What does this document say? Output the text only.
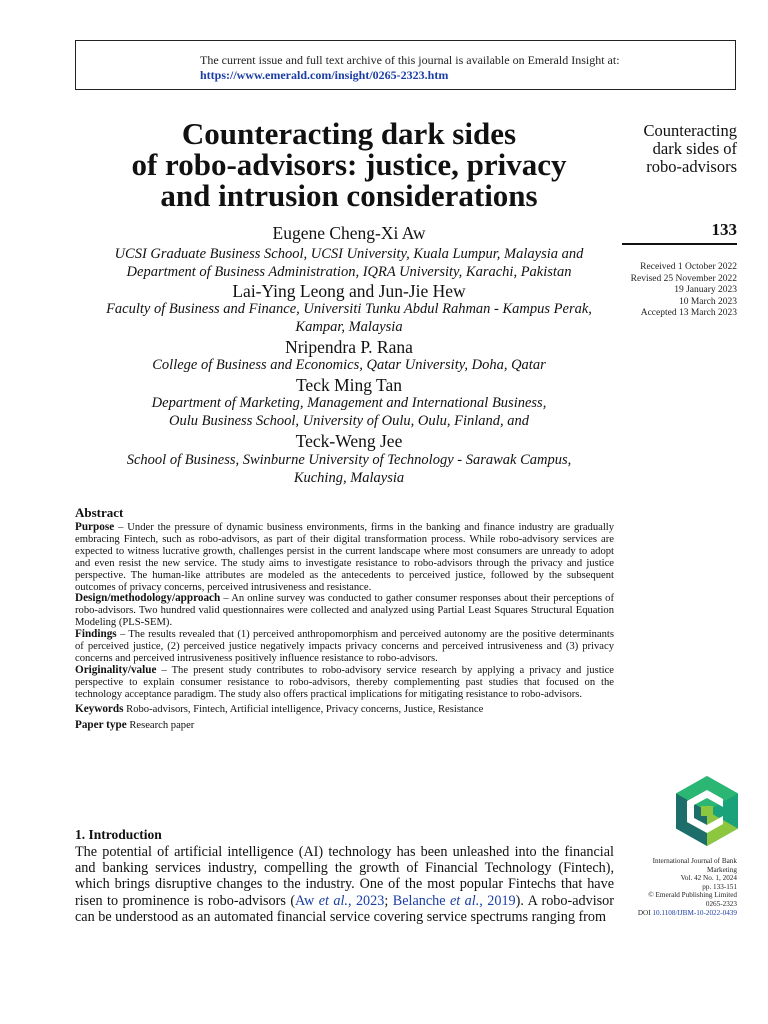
The current issue and full text archive of this journal is available on Emerald Insight at:
https://www.emerald.com/insight/0265-2323.htm
Counteracting dark sides
of robo-advisors: justice, privacy
and intrusion considerations
Eugene Cheng-Xi Aw
UCSI Graduate Business School, UCSI University, Kuala Lumpur, Malaysia and
Department of Business Administration, IQRA University, Karachi, Pakistan
Lai-Ying Leong and Jun-Jie Hew
Faculty of Business and Finance, Universiti Tunku Abdul Rahman - Kampus Perak,
Kampar, Malaysia
Nripendra P. Rana
College of Business and Economics, Qatar University, Doha, Qatar
Teck Ming Tan
Department of Marketing, Management and International Business,
Oulu Business School, University of Oulu, Oulu, Finland, and
Teck-Weng Jee
School of Business, Swinburne University of Technology - Sarawak Campus,
Kuching, Malaysia
Counteracting
dark sides of
robo-advisors
133
Received 1 October 2022
Revised 25 November 2022
19 January 2023
10 March 2023
Accepted 13 March 2023
Abstract

Purpose – Under the pressure of dynamic business environments, firms in the banking and finance industry are gradually embracing Fintech, such as robo-advisors, as part of their digital transformation process. While robo-advisory services are expected to witness lucrative growth, challenges persist in the current landscape where most consumers are unready to adopt and even resist the new service. The study aims to investigate resistance to robo-advisors through the privacy and justice perspective. The human-like attributes are modeled as the antecedents to perceived justice, followed by the subsequent outcomes of privacy concerns, perceived intrusiveness and resistance.

Design/methodology/approach – An online survey was conducted to gather consumer responses about their perceptions of robo-advisors. Two hundred valid questionnaires were collected and analyzed using Partial Least Squares Structural Equation Modeling (PLS-SEM).

Findings – The results revealed that (1) perceived anthropomorphism and perceived autonomy are the positive determinants of perceived justice, (2) perceived justice negatively impacts privacy concerns and perceived intrusiveness and (3) privacy concerns and perceived intrusiveness positively influence resistance to robo-advisors.

Originality/value – The present study contributes to robo-advisory service research by applying a privacy and justice perspective to explain consumer resistance to robo-advisors, thereby complementing past studies that focused on the technology acceptance paradigm. The study also offers practical implications for mitigating resistance to robo-advisors.

Keywords Robo-advisors, Fintech, Artificial intelligence, Privacy concerns, Justice, Resistance

Paper type Research paper

International Journal of Bank
Marketing
Vol. 42 No. 1, 2024
pp. 133-151
© Emerald Publishing Limited
0265-2323
DOI 10.1108/IJBM-10-2022-0439
1. Introduction

The potential of artificial intelligence (AI) technology has been unleashed into the financial and banking services industry, compelling the growth of Financial Technology (Fintech), which brings disruptive changes to the industry. One of the most popular Fintechs that have risen to prominence is robo-advisors (Aw et al., 2023; Belanche et al., 2019). A robo-advisor can be understood as an automated financial service covering service spectrums ranging from
